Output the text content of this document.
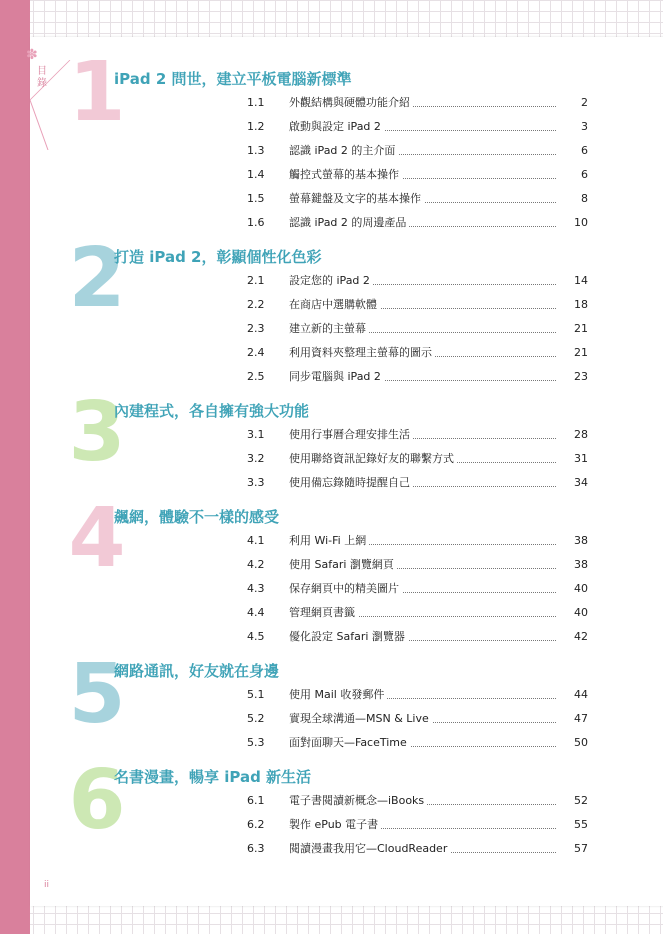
✽
目錄 1
iPad 2 問世，建立平板電腦新標準
1.1 外觀結構與硬體功能介紹	2
1.2 啟動與設定 iPad 2	3
1.3 認識 iPad 2 的主介面	6
1.4 觸控式螢幕的基本操作	6
1.5 螢幕鍵盤及文字的基本操作	8
1.6 認識 iPad 2 的周邊產品	10
2
打造 iPad 2，彰顯個性化色彩
2.1 設定您的 iPad 2	14
2.2 在商店中選購軟體	18
2.3 建立新的主螢幕	21
2.4 利用資料夾整理主螢幕的圖示	21
2.5 同步電腦與 iPad 2	23
3
內建程式，各自擁有強大功能
3.1 使用行事曆合理安排生活	28
3.2 使用聯絡資訊記錄好友的聯繫方式	31
3.3 使用備忘錄隨時提醒自己	34
4
飆網，體驗不一樣的感受
4.1 利用 Wi-Fi 上網	38
4.2 使用 Safari 瀏覽網頁	38
4.3 保存網頁中的精美圖片	40
4.4 管理網頁書籤	40
4.5 優化設定 Safari 瀏覽器	42
5
網路通訊，好友就在身邊
5.1 使用 Mail 收發郵件	44
5.2 實現全球溝通—MSN & Live	47
5.3 面對面聊天—FaceTime	50
6
名書漫畫，暢享 iPad 新生活
6.1 電子書閱讀新概念—iBooks	52
6.2 製作 ePub 電子書	55
6.3 閱讀漫畫我用它—CloudReader	57
ii
